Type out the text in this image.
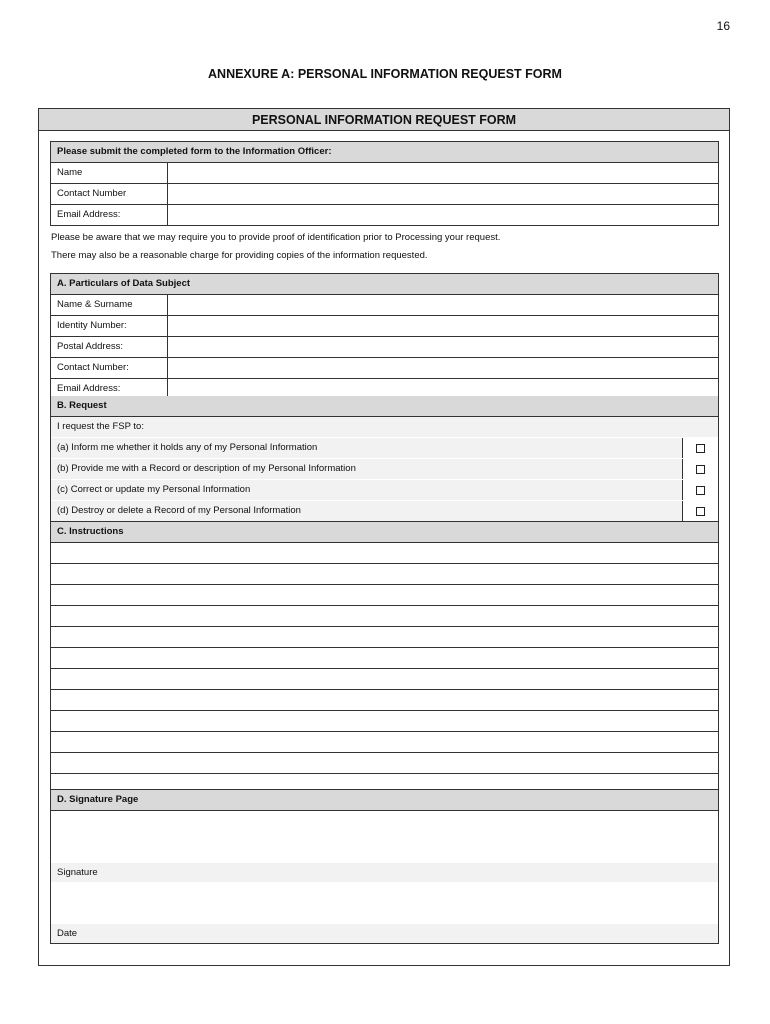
16
ANNEXURE A: PERSONAL INFORMATION REQUEST FORM
PERSONAL INFORMATION REQUEST FORM
Please submit the completed form to the Information Officer:
Name
Contact Number
Email Address:
Please be aware that we may require you to provide proof of identification prior to Processing your request.
There may also be a reasonable charge for providing copies of the information requested.
A. Particulars of Data Subject
Name & Surname
Identity Number:
Postal Address:
Contact Number:
Email Address:
B. Request
I request the FSP to:
(a) Inform me whether it holds any of my Personal Information
(b) Provide me with a Record or description of my Personal Information
(c) Correct or update my Personal Information
(d) Destroy or delete a Record of my Personal Information
C. Instructions
D. Signature Page
Signature
Date
